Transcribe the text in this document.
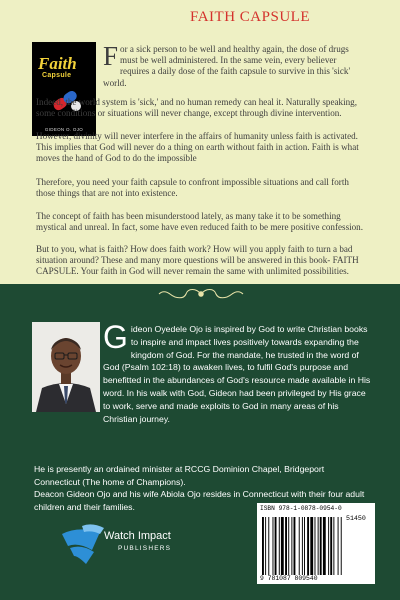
FAITH CAPSULE
Faith
Capsule
GIDEON O. OJO

For a sick person to be well and healthy again, the dose of drugs must be well administered. In the same vein, every believer requires a daily dose of the faith capsule to survive in this 'sick' world.

Indeed, the world system is 'sick,' and no human remedy can heal it. Naturally speaking, some conditions or situations will never change, except through divine intervention.

However, divinity will never interfere in the affairs of humanity unless faith is activated. This implies that God will never do a thing on earth without faith in action. Faith is what moves the hand of God to do the impossible

Therefore, you need your faith capsule to confront impossible situations and call forth those things that are not into existence.

The concept of faith has been misunderstood lately, as many take it to be something mystical and unreal. In fact, some have even reduced faith to be mere positive confession.

But to you, what is faith? How does faith work? How will you apply faith to turn a bad situation around? These and many more questions will be answered in this book- FAITH CAPSULE. Your faith in God will never remain the same with unlimited possibilities.

Gideon Oyedele Ojo is inspired by God to write Christian books to inspire and impact lives positively towards expanding the kingdom of God. For the mandate, he trusted in the word of God (Psalm 102:18) to awaken lives, to fulfil God's purpose and benefitted in the abundances of God's resource made available in His word. In his walk with God, Gideon had been privileged by His grace to work, serve and made exploits to God in many areas of his Christian journey.

He is presently an ordained minister at RCCG Dominion Chapel, Bridgeport Connecticut (The home of Champions).

Deacon Gideon Ojo and his wife Abiola Ojo resides in Connecticut with their four adult children and their families.

Watch Impact
PUBLISHERS
ISBN 978-1-0878-0954-0
51450
9 781087 809540
